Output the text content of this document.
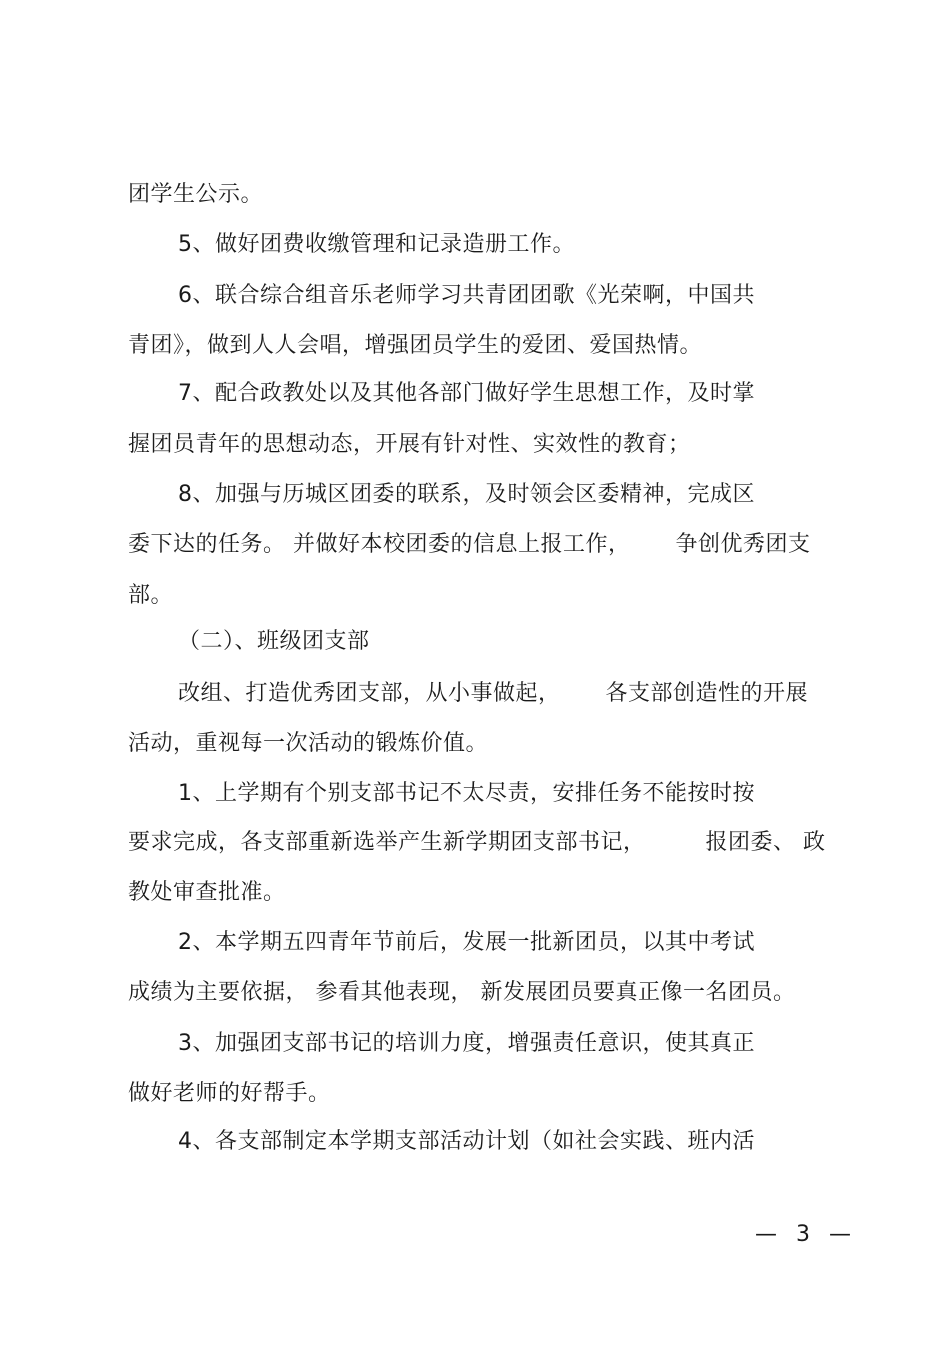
团学生公示。
5、做好团费收缴管理和记录造册工作。
6、联合综合组音乐老师学习共青团团歌《光荣啊，中国共
青团》，做到人人会唱，增强团员学生的爱团、爱国热情。
7、配合政教处以及其他各部门做好学生思想工作，及时掌
握团员青年的思想动态，开展有针对性、实效性的教育；
8、加强与历城区团委的联系，及时领会区委精神，完成区
委下达的任务。 并做好本校团委的信息上报工作，      争创优秀团支
部。
（二）、班级团支部
改组、打造优秀团支部，从小事做起，      各支部创造性的开展
活动，重视每一次活动的锻炼价值。
1、上学期有个别支部书记不太尽责，安排任务不能按时按
要求完成，各支部重新选举产生新学期团支部书记，        报团委、 政
教处审查批准。
2、本学期五四青年节前后，发展一批新团员，以其中考试
成绩为主要依据， 参看其他表现， 新发展团员要真正像一名团员。
3、加强团支部书记的培训力度，增强责任意识，使其真正
做好老师的好帮手。
4、各支部制定本学期支部活动计划（如社会实践、班内活
— 3 —
